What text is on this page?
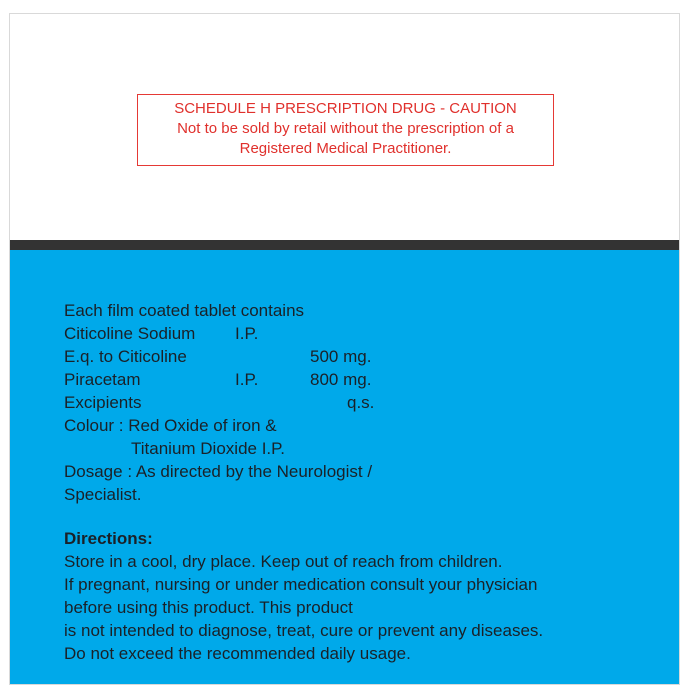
SCHEDULE H PRESCRIPTION DRUG - CAUTION
Not to be sold by retail without the prescription of a
Registered Medical Practitioner.
Each film coated tablet contains
Citicoline Sodium I.P.
E.q. to Citicoline	500 mg.
Piracetam	I.P.	800 mg.
Excipients	q.s.
Colour : Red Oxide of iron &
Titanium Dioxide I.P.
Dosage : As directed by the Neurologist /
Specialist.
Directions:
Store in a cool, dry place. Keep out of reach from children.
If pregnant, nursing or under medication consult your physician
before using this product. This product
is not intended to diagnose, treat, cure or prevent any diseases.
Do not exceed the recommended daily usage.
